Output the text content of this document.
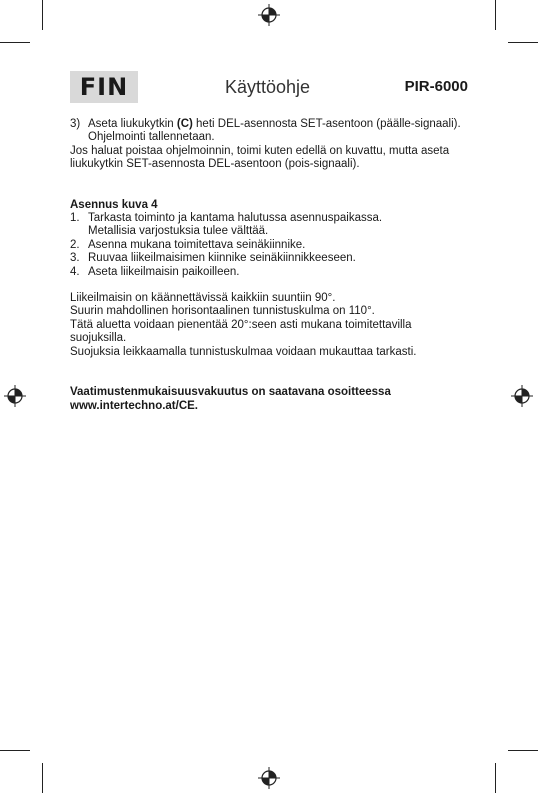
FIN	Käyttöohje	PIR-6000
3) Aseta liukukytkin (C) heti DEL-asennosta SET-asentoon (päälle-signaali).

Ohjelmointi tallennetaan.

Jos haluat poistaa ohjelmoinnin, toimi kuten edellä on kuvattu, mutta aseta liukukytkin SET-asennosta DEL-asentoon (pois-signaali).

Asennus kuva 4

1. Tarkasta toiminto ja kantama halutussa asennuspaikassa.

Metallisia varjostuksia tulee välttää.

2. Asenna mukana toimitettava seinäkiinnike.

3. Ruuvaa liikeilmaisimen kiinnike seinäkiinnikkeeseen.

4. Aseta liikeilmaisin paikoilleen.

Liikeilmaisin on käännettävissä kaikkiin suuntiin 90°.

Suurin mahdollinen horisontaalinen tunnistuskulma on 110°.

Tätä aluetta voidaan pienentää 20°:seen asti mukana toimitettavilla suojuksilla.

Suojuksia leikkaamalla tunnistuskulmaa voidaan mukauttaa tarkasti.

Vaatimustenmukaisuusvakuutus on saatavana osoitteessa

www.intertechno.at/CE.
